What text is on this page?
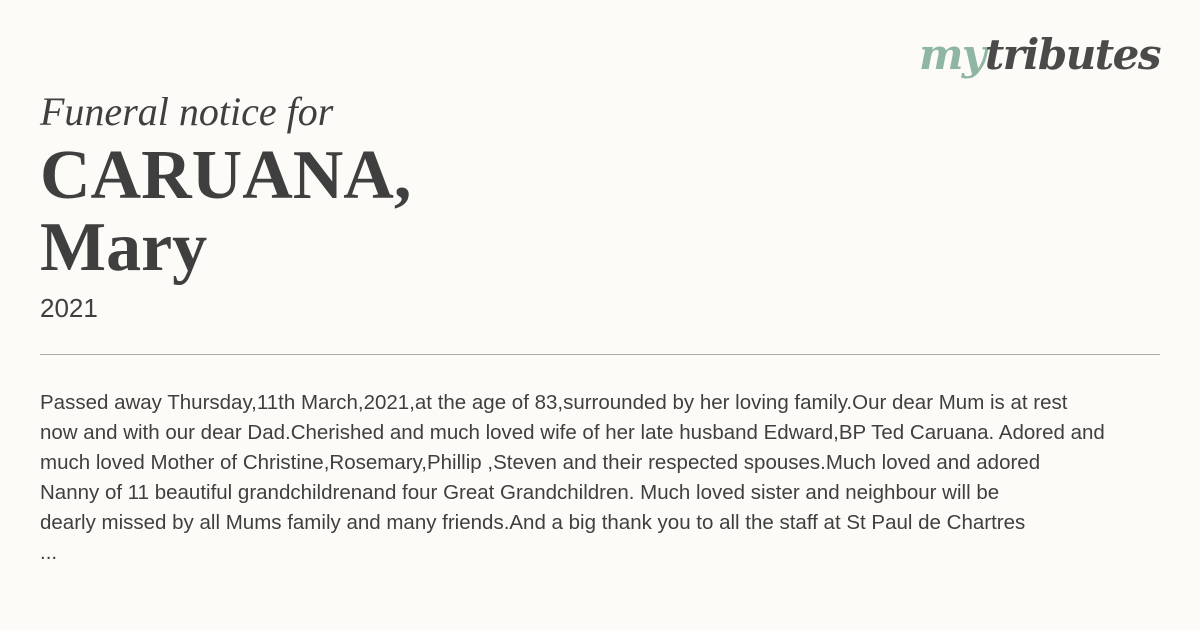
mytributes
Funeral notice for
CARUANA,
Mary
2021
Passed away Thursday,11th March,2021,at the age of 83,surrounded by her loving family.Our dear Mum is at rest
now and with our dear Dad.Cherished and much loved wife of her late husband Edward,BP Ted Caruana. Adored and
much loved Mother of Christine,Rosemary,Phillip ,Steven and their respected spouses.Much loved and adored
Nanny of 11 beautiful grandchildrenand four Great Grandchildren. Much loved sister and neighbour will be
dearly missed by all Mums family and many friends.And a big thank you to all the staff at St Paul de Chartres
...
